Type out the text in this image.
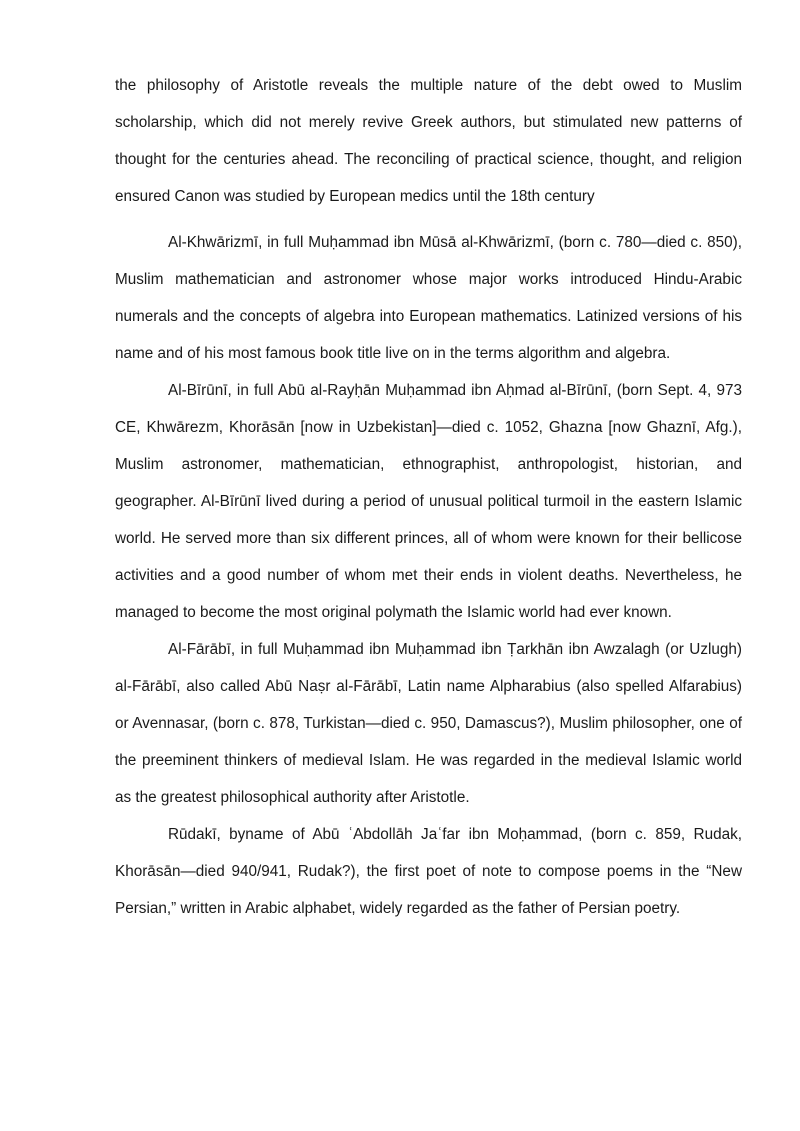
the philosophy of Aristotle reveals the multiple nature of the debt owed to Muslim scholarship, which did not merely revive Greek authors, but stimulated new patterns of thought for the centuries ahead. The reconciling of practical science, thought, and religion ensured Canon was studied by European medics until the 18th century

Al-Khwārizmī, in full Muḥammad ibn Mūsā al-Khwārizmī, (born c. 780—died c. 850), Muslim mathematician and astronomer whose major works introduced Hindu-Arabic numerals and the concepts of algebra into European mathematics. Latinized versions of his name and of his most famous book title live on in the terms algorithm and algebra.

Al-Bīrūnī, in full Abū al-Rayḥān Muḥammad ibn Aḥmad al-Bīrūnī, (born Sept. 4, 973 CE, Khwārezm, Khorāsān [now in Uzbekistan]—died c. 1052, Ghazna [now Ghaznī, Afg.), Muslim astronomer, mathematician, ethnographist, anthropologist, historian, and geographer. Al-Bīrūnī lived during a period of unusual political turmoil in the eastern Islamic world. He served more than six different princes, all of whom were known for their bellicose activities and a good number of whom met their ends in violent deaths. Nevertheless, he managed to become the most original polymath the Islamic world had ever known.

Al-Fārābī, in full Muḥammad ibn Muḥammad ibn Ṭarkhān ibn Awzalagh (or Uzlugh) al-Fārābī, also called Abū Naṣr al-Fārābī, Latin name Alpharabius (also spelled Alfarabius) or Avennasar, (born c. 878, Turkistan—died c. 950, Damascus?), Muslim philosopher, one of the preeminent thinkers of medieval Islam. He was regarded in the medieval Islamic world as the greatest philosophical authority after Aristotle.

Rūdakī, byname of Abū ʿAbdollāh Jaʿfar ibn Moḥammad, (born c. 859, Rudak, Khorāsān—died 940/941, Rudak?), the first poet of note to compose poems in the “New Persian,” written in Arabic alphabet, widely regarded as the father of Persian poetry.
